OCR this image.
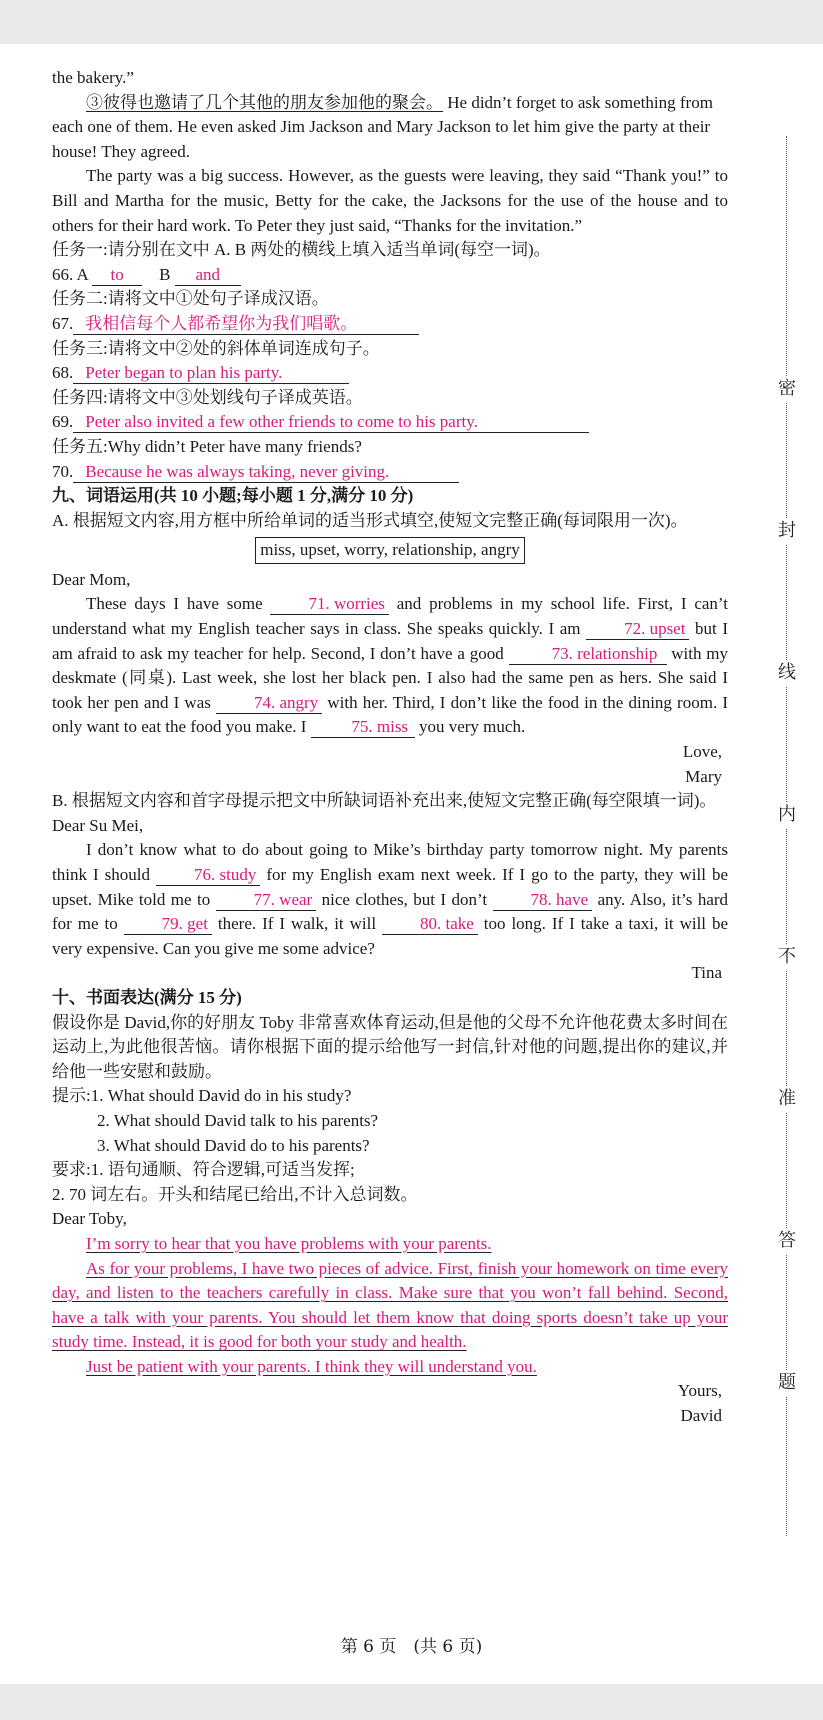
the bakery.”

③彼得也邀请了几个其他的朋友参加他的聚会。 He didn’t forget to ask something from each one of them. He even asked Jim Jackson and Mary Jackson to let him give the party at their house! They agreed.

The party was a big success. However, as the guests were leaving, they said “Thank you!” to Bill and Martha for the music, Betty for the cake, the Jacksons for the use of the house and to others for their hard work. To Peter they just said, “Thanks for the invitation.”

任务一:请分别在文中 A. B 两处的横线上填入适当单词(每空一词)。

66. A to B and

任务二:请将文中①处句子译成汉语。

67. 我相信每个人都希望你为我们唱歌。

任务三:请将文中②处的斜体单词连成句子。

68. Peter began to plan his party.

任务四:请将文中③处划线句子译成英语。

69. Peter also invited a few other friends to come to his party.

任务五:Why didn’t Peter have many friends?

70. Because he was always taking, never giving.

九、词语运用(共 10 小题;每小题 1 分,满分 10 分)

A. 根据短文内容,用方框中所给单词的适当形式填空,使短文完整正确(每词限用一次)。

miss, upset, worry, relationship, angry

Dear Mom,

These days I have some	71. worries and problems in my school life. First, I can’t understand what my English teacher says in class. She speaks quickly. I am	72. upset but I am afraid to ask my teacher for help. Second, I don’t have a good	73. relationship with my deskmate (同桌). Last week, she lost her black pen. I also had the same pen as hers. She said I took her pen and I was	74. angry with her. Third, I don’t like the food in the dining room. I only want to eat the food you make. I	75. miss you very much.

Love,

Mary

B. 根据短文内容和首字母提示把文中所缺词语补充出来,使短文完整正确(每空限填一词)。

Dear Su Mei,

I don’t know what to do about going to Mike’s birthday party tomorrow night. My parents think I should	76. study for my English exam next week. If I go to the party, they will be upset. Mike told me to	77. wear nice clothes, but I don’t	78. have any. Also, it’s hard for me to	79. get there. If I walk, it will	80. take too long. If I take a taxi, it will be very expensive. Can you give me some advice?

Tina

十、书面表达(满分 15 分)

假设你是 David,你的好朋友 Toby 非常喜欢体育运动,但是他的父母不允许他花费太多时间在运动上,为此他很苦恼。请你根据下面的提示给他写一封信,针对他的问题,提出你的建议,并给他一些安慰和鼓励。

提示:1. What should David do in his study?

2. What should David talk to his parents?

3. What should David do to his parents?

要求:1. 语句通顺、符合逻辑,可适当发挥;

2. 70 词左右。开头和结尾已给出,不计入总词数。

Dear Toby,

I’m sorry to hear that you have problems with your parents.

As for your problems, I have two pieces of advice. First, finish your homework on time every day, and listen to the teachers carefully in class. Make sure that you won’t fall behind. Second, have a talk with your parents. You should let them know that doing sports doesn’t take up your study time. Instead, it is good for both your study and health.

Just be patient with your parents. I think they will understand you.

Yours,

David

密
封
线
内
不
准
答
题
第 6 页　(共 6 页)
